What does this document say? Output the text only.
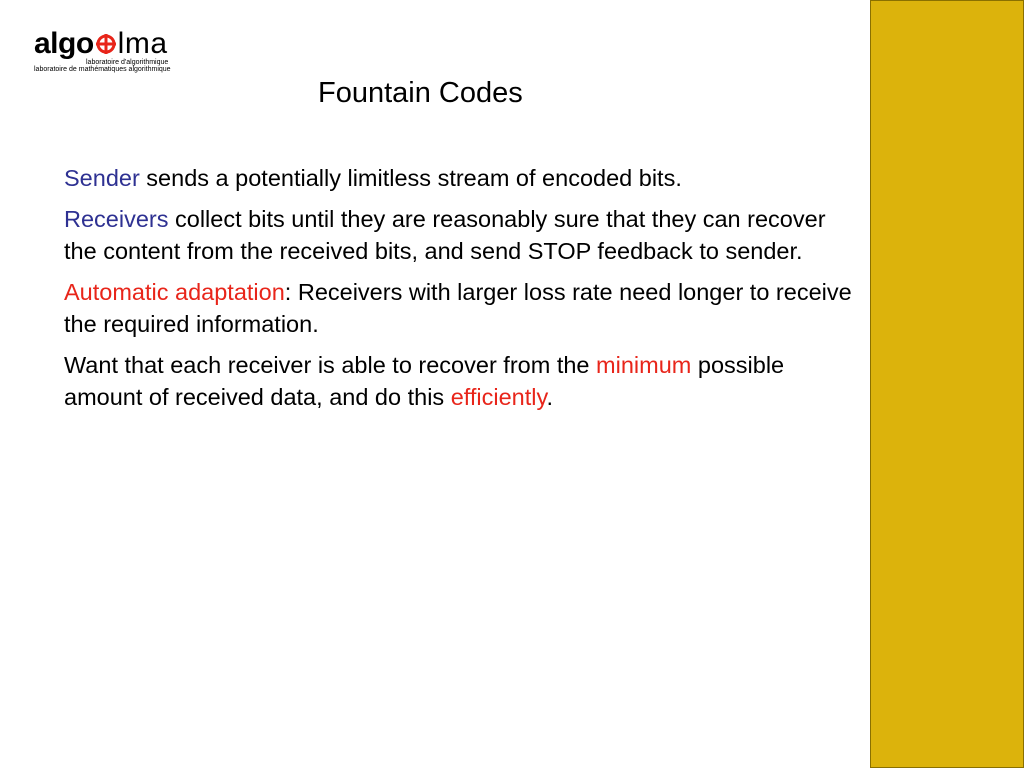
algo lma
laboratoire d'algorithmique
laboratoire de mathématiques algorithmique
Fountain Codes

Sender sends a potentially limitless stream of encoded bits.

Receivers collect bits until they are reasonably sure that they can recover the content from the received bits, and send STOP feedback to sender.

Automatic adaptation: Receivers with larger loss rate need longer to receive the required information.

Want that each receiver is able to recover from the minimum possible amount of received data, and do this efficiently.
